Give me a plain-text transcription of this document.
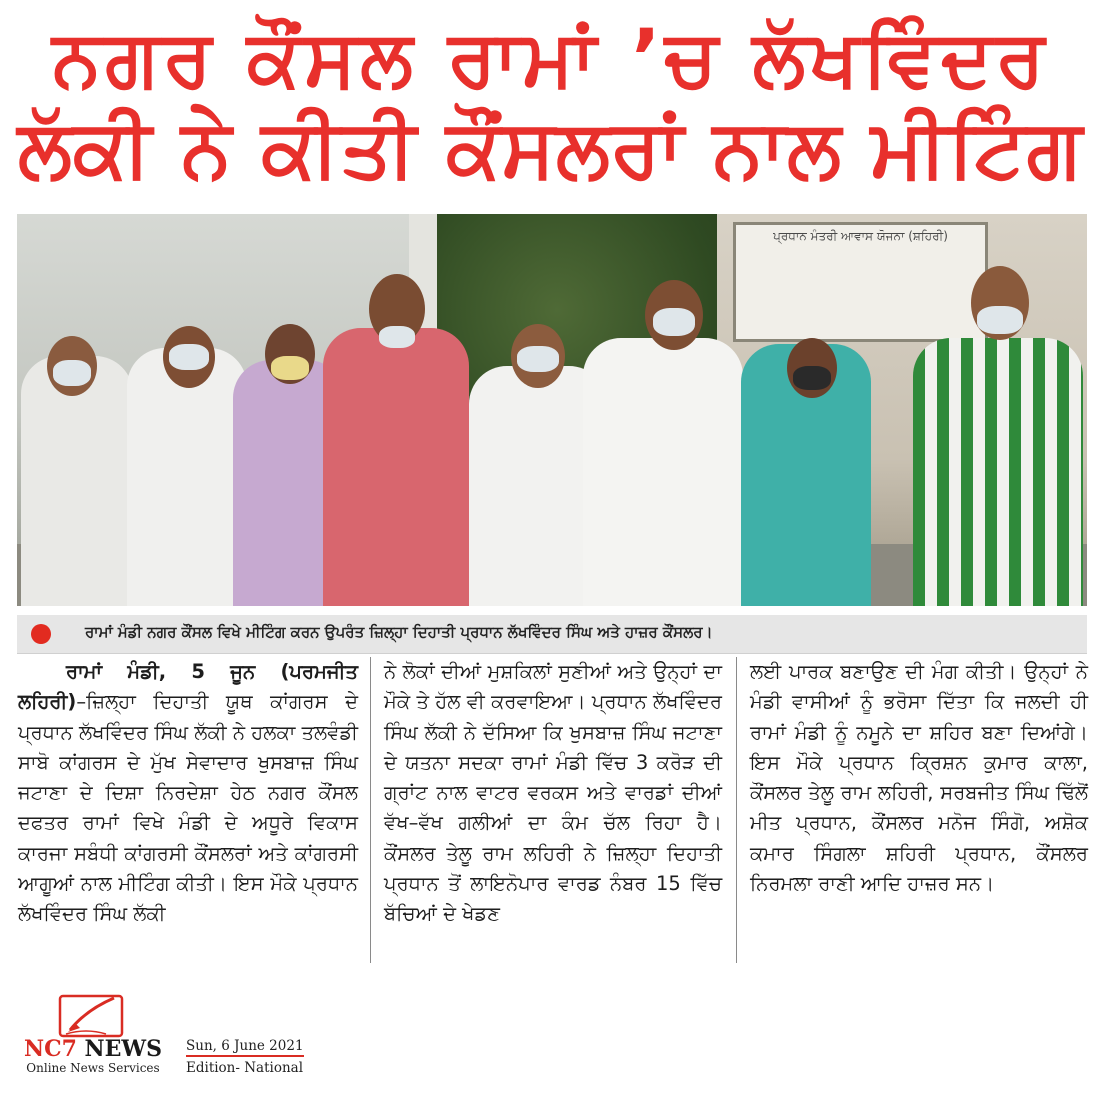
ਨਗਰ ਕੌਂਸਲ ਰਾਮਾਂ ’ਚ ਲੱਖਵਿੰਦਰ
ਲੱਕੀ ਨੇ ਕੀਤੀ ਕੌਂਸਲਰਾਂ ਨਾਲ ਮੀਟਿੰਗ
ਪ੍ਰਧਾਨ ਮੰਤਰੀ ਆਵਾਸ ਯੋਜਨਾ (ਸ਼ਹਿਰੀ)
ਰਾਮਾਂ ਮੰਡੀ ਨਗਰ ਕੌਂਸਲ ਵਿਖੇ ਮੀਟਿੰਗ ਕਰਨ ਉਪਰੰਤ ਜ਼ਿਲ੍ਹਾ ਦਿਹਾਤੀ ਪ੍ਰਧਾਨ ਲੱਖਵਿੰਦਰ ਸਿੰਘ ਅਤੇ ਹਾਜ਼ਰ ਕੌਂਸਲਰ।
ਰਾਮਾਂ ਮੰਡੀ, 5 ਜੂਨ (ਪਰਮਜੀਤ ਲਹਿਰੀ)–ਜ਼ਿਲ੍ਹਾ ਦਿਹਾਤੀ ਯੂਥ ਕਾਂਗਰਸ ਦੇ ਪ੍ਰਧਾਨ ਲੱਖਵਿੰਦਰ ਸਿੰਘ ਲੱਕੀ ਨੇ ਹਲਕਾ ਤਲਵੰਡੀ ਸਾਬੋ ਕਾਂਗਰਸ ਦੇ ਮੁੱਖ ਸੇਵਾਦਾਰ ਖੁਸਬਾਜ਼ ਸਿੰਘ ਜਟਾਣਾ ਦੇ ਦਿਸ਼ਾ ਨਿਰਦੇਸ਼ਾ ਹੇਠ ਨਗਰ ਕੌਂਸਲ ਦਫਤਰ ਰਾਮਾਂ ਵਿਖੇ ਮੰਡੀ ਦੇ ਅਧੂਰੇ ਵਿਕਾਸ ਕਾਰਜਾ ਸਬੰਧੀ ਕਾਂਗਰਸੀ ਕੌਂਸਲਰਾਂ ਅਤੇ ਕਾਂਗਰਸੀ ਆਗੂਆਂ ਨਾਲ ਮੀਟਿੰਗ ਕੀਤੀ। ਇਸ ਮੌਕੇ ਪ੍ਰਧਾਨ ਲੱਖਵਿੰਦਰ ਸਿੰਘ ਲੱਕੀ
ਨੇ ਲੋਕਾਂ ਦੀਆਂ ਮੁਸ਼ਕਿਲਾਂ ਸੁਣੀਆਂ ਅਤੇ ਉਨ੍ਹਾਂ ਦਾ ਮੌਕੇ ਤੇ ਹੱਲ ਵੀ ਕਰਵਾਇਆ। ਪ੍ਰਧਾਨ ਲੱਖਵਿੰਦਰ ਸਿੰਘ ਲੱਕੀ ਨੇ ਦੱਸਿਆ ਕਿ ਖੁਸਬਾਜ਼ ਸਿੰਘ ਜਟਾਣਾ ਦੇ ਯਤਨਾ ਸਦਕਾ ਰਾਮਾਂ ਮੰਡੀ ਵਿੱਚ 3 ਕਰੋੜ ਦੀ ਗ੍ਰਾਂਟ ਨਾਲ ਵਾਟਰ ਵਰਕਸ ਅਤੇ ਵਾਰਡਾਂ ਦੀਆਂ ਵੱਖ–ਵੱਖ ਗਲੀਆਂ ਦਾ ਕੰਮ ਚੱਲ ਰਿਹਾ ਹੈ। ਕੌਂਸਲਰ ਤੇਲੂ ਰਾਮ ਲਹਿਰੀ ਨੇ ਜ਼ਿਲ੍ਹਾ ਦਿਹਾਤੀ ਪ੍ਰਧਾਨ ਤੋਂ ਲਾਇਨੋਪਾਰ ਵਾਰਡ ਨੰਬਰ 15 ਵਿੱਚ ਬੱਚਿਆਂ ਦੇ ਖੇਡਣ
ਲਈ ਪਾਰਕ ਬਣਾਉਣ ਦੀ ਮੰਗ ਕੀਤੀ। ਉਨ੍ਹਾਂ ਨੇ ਮੰਡੀ ਵਾਸੀਆਂ ਨੂੰ ਭਰੋਸਾ ਦਿੱਤਾ ਕਿ ਜਲਦੀ ਹੀ ਰਾਮਾਂ ਮੰਡੀ ਨੂੰ ਨਮੂਨੇ ਦਾ ਸ਼ਹਿਰ ਬਣਾ ਦਿਆਂਗੇ। ਇਸ ਮੌਕੇ ਪ੍ਰਧਾਨ ਕ੍ਰਿਸ਼ਨ ਕੁਮਾਰ ਕਾਲਾ, ਕੌਂਸਲਰ ਤੇਲੂ ਰਾਮ ਲਹਿਰੀ, ਸਰਬਜੀਤ ਸਿੰਘ ਢਿੱਲੋਂ ਮੀਤ ਪ੍ਰਧਾਨ, ਕੌਂਸਲਰ ਮਨੋਜ ਸਿੰਗੋ, ਅਸ਼ੋਕ ਕਮਾਰ ਸਿੰਗਲਾ ਸ਼ਹਿਰੀ ਪ੍ਰਧਾਨ, ਕੌਂਸਲਰ ਨਿਰਮਲਾ ਰਾਣੀ ਆਦਿ ਹਾਜ਼ਰ ਸਨ।
NC7 NEWS
Online News Services
Sun, 6 June 2021
Edition- National
